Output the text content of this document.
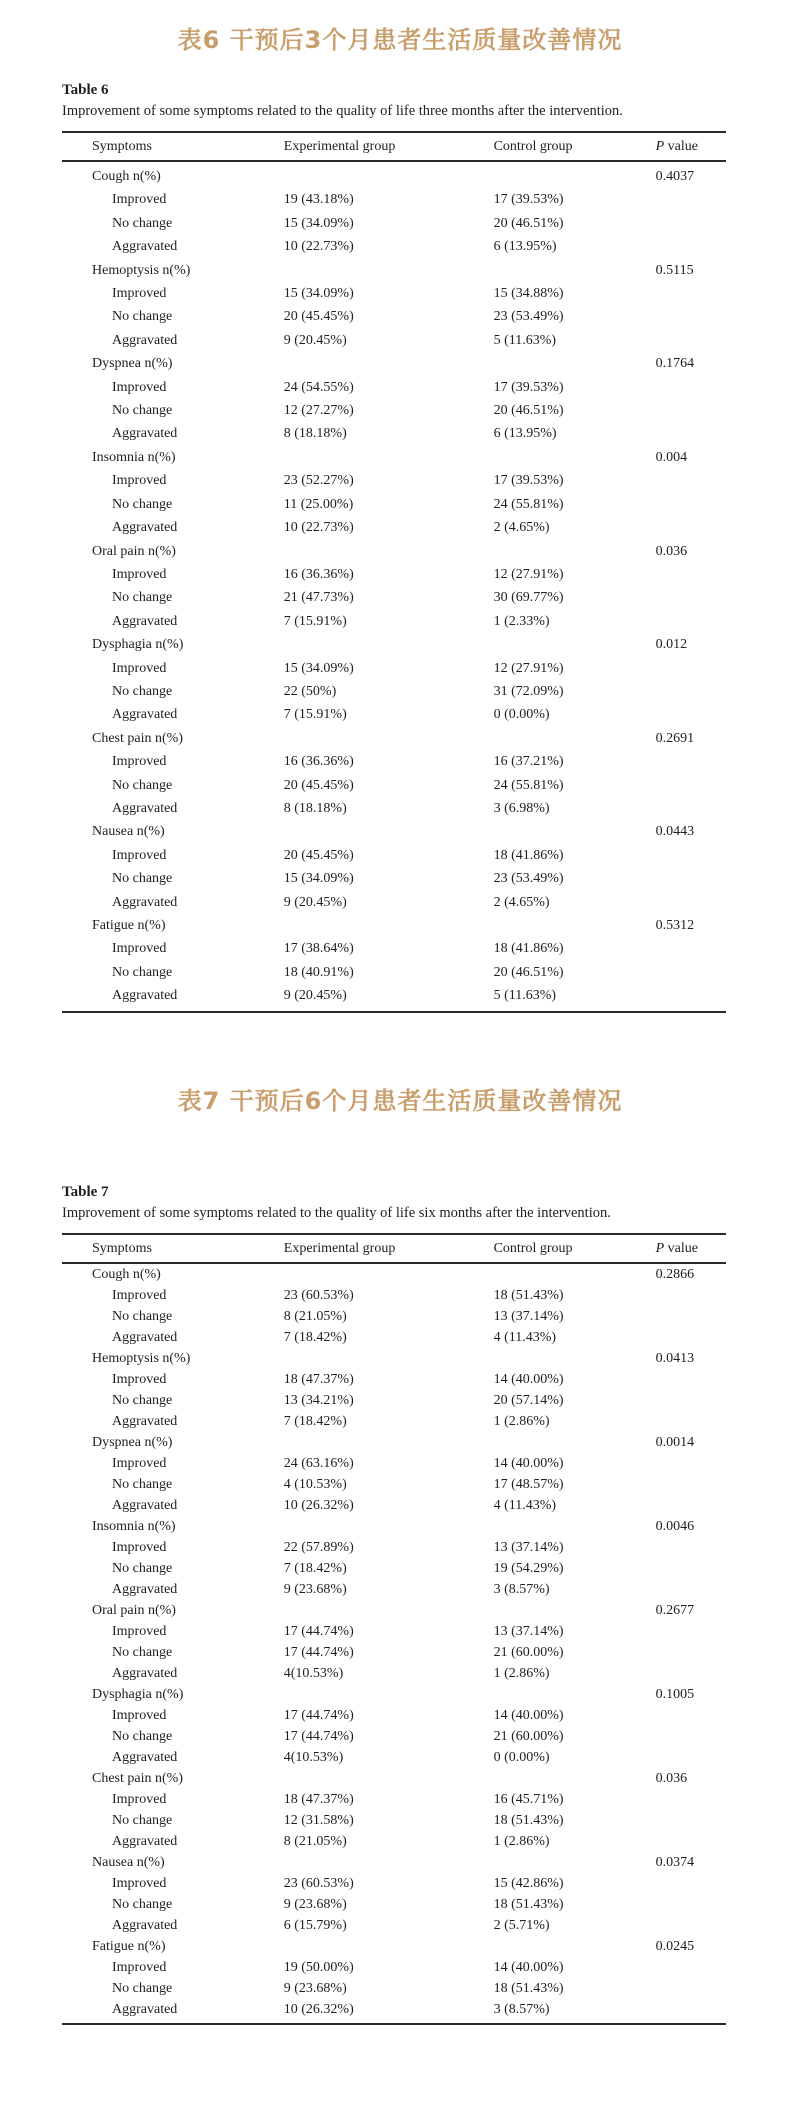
表6 干预后3个月患者生活质量改善情况

Table 6

Improvement of some symptoms related to the quality of life three months after the intervention.

Symptoms	Experimental group	Control group	P value
Cough n(%)			0.4037
Improved	19 (43.18%)	17 (39.53%)	
No change	15 (34.09%)	20 (46.51%)	
Aggravated	10 (22.73%)	6 (13.95%)	
Hemoptysis n(%)			0.5115
Improved	15 (34.09%)	15 (34.88%)	
No change	20 (45.45%)	23 (53.49%)	
Aggravated	9 (20.45%)	5 (11.63%)	
Dyspnea n(%)			0.1764
Improved	24 (54.55%)	17 (39.53%)	
No change	12 (27.27%)	20 (46.51%)	
Aggravated	8 (18.18%)	6 (13.95%)	
Insomnia n(%)			0.004
Improved	23 (52.27%)	17 (39.53%)	
No change	11 (25.00%)	24 (55.81%)	
Aggravated	10 (22.73%)	2 (4.65%)	
Oral pain n(%)			0.036
Improved	16 (36.36%)	12 (27.91%)	
No change	21 (47.73%)	30 (69.77%)	
Aggravated	7 (15.91%)	1 (2.33%)	
Dysphagia n(%)			0.012
Improved	15 (34.09%)	12 (27.91%)	
No change	22 (50%)	31 (72.09%)	
Aggravated	7 (15.91%)	0 (0.00%)	
Chest pain n(%)			0.2691
Improved	16 (36.36%)	16 (37.21%)	
No change	20 (45.45%)	24 (55.81%)	
Aggravated	8 (18.18%)	3 (6.98%)	
Nausea n(%)			0.0443
Improved	20 (45.45%)	18 (41.86%)	
No change	15 (34.09%)	23 (53.49%)	
Aggravated	9 (20.45%)	2 (4.65%)	
Fatigue n(%)			0.5312
Improved	17 (38.64%)	18 (41.86%)	
No change	18 (40.91%)	20 (46.51%)	
Aggravated	9 (20.45%)	5 (11.63%)	
表7 干预后6个月患者生活质量改善情况

Table 7

Improvement of some symptoms related to the quality of life six months after the intervention.

Symptoms	Experimental group	Control group	P value
Cough n(%)			0.2866
Improved	23 (60.53%)	18 (51.43%)	
No change	8 (21.05%)	13 (37.14%)	
Aggravated	7 (18.42%)	4 (11.43%)	
Hemoptysis n(%)			0.0413
Improved	18 (47.37%)	14 (40.00%)	
No change	13 (34.21%)	20 (57.14%)	
Aggravated	7 (18.42%)	1 (2.86%)	
Dyspnea n(%)			0.0014
Improved	24 (63.16%)	14 (40.00%)	
No change	4 (10.53%)	17 (48.57%)	
Aggravated	10 (26.32%)	4 (11.43%)	
Insomnia n(%)			0.0046
Improved	22 (57.89%)	13 (37.14%)	
No change	7 (18.42%)	19 (54.29%)	
Aggravated	9 (23.68%)	3 (8.57%)	
Oral pain n(%)			0.2677
Improved	17 (44.74%)	13 (37.14%)	
No change	17 (44.74%)	21 (60.00%)	
Aggravated	4(10.53%)	1 (2.86%)	
Dysphagia n(%)			0.1005
Improved	17 (44.74%)	14 (40.00%)	
No change	17 (44.74%)	21 (60.00%)	
Aggravated	4(10.53%)	0 (0.00%)	
Chest pain n(%)			0.036
Improved	18 (47.37%)	16 (45.71%)	
No change	12 (31.58%)	18 (51.43%)	
Aggravated	8 (21.05%)	1 (2.86%)	
Nausea n(%)			0.0374
Improved	23 (60.53%)	15 (42.86%)	
No change	9 (23.68%)	18 (51.43%)	
Aggravated	6 (15.79%)	2 (5.71%)	
Fatigue n(%)			0.0245
Improved	19 (50.00%)	14 (40.00%)	
No change	9 (23.68%)	18 (51.43%)	
Aggravated	10 (26.32%)	3 (8.57%)	
